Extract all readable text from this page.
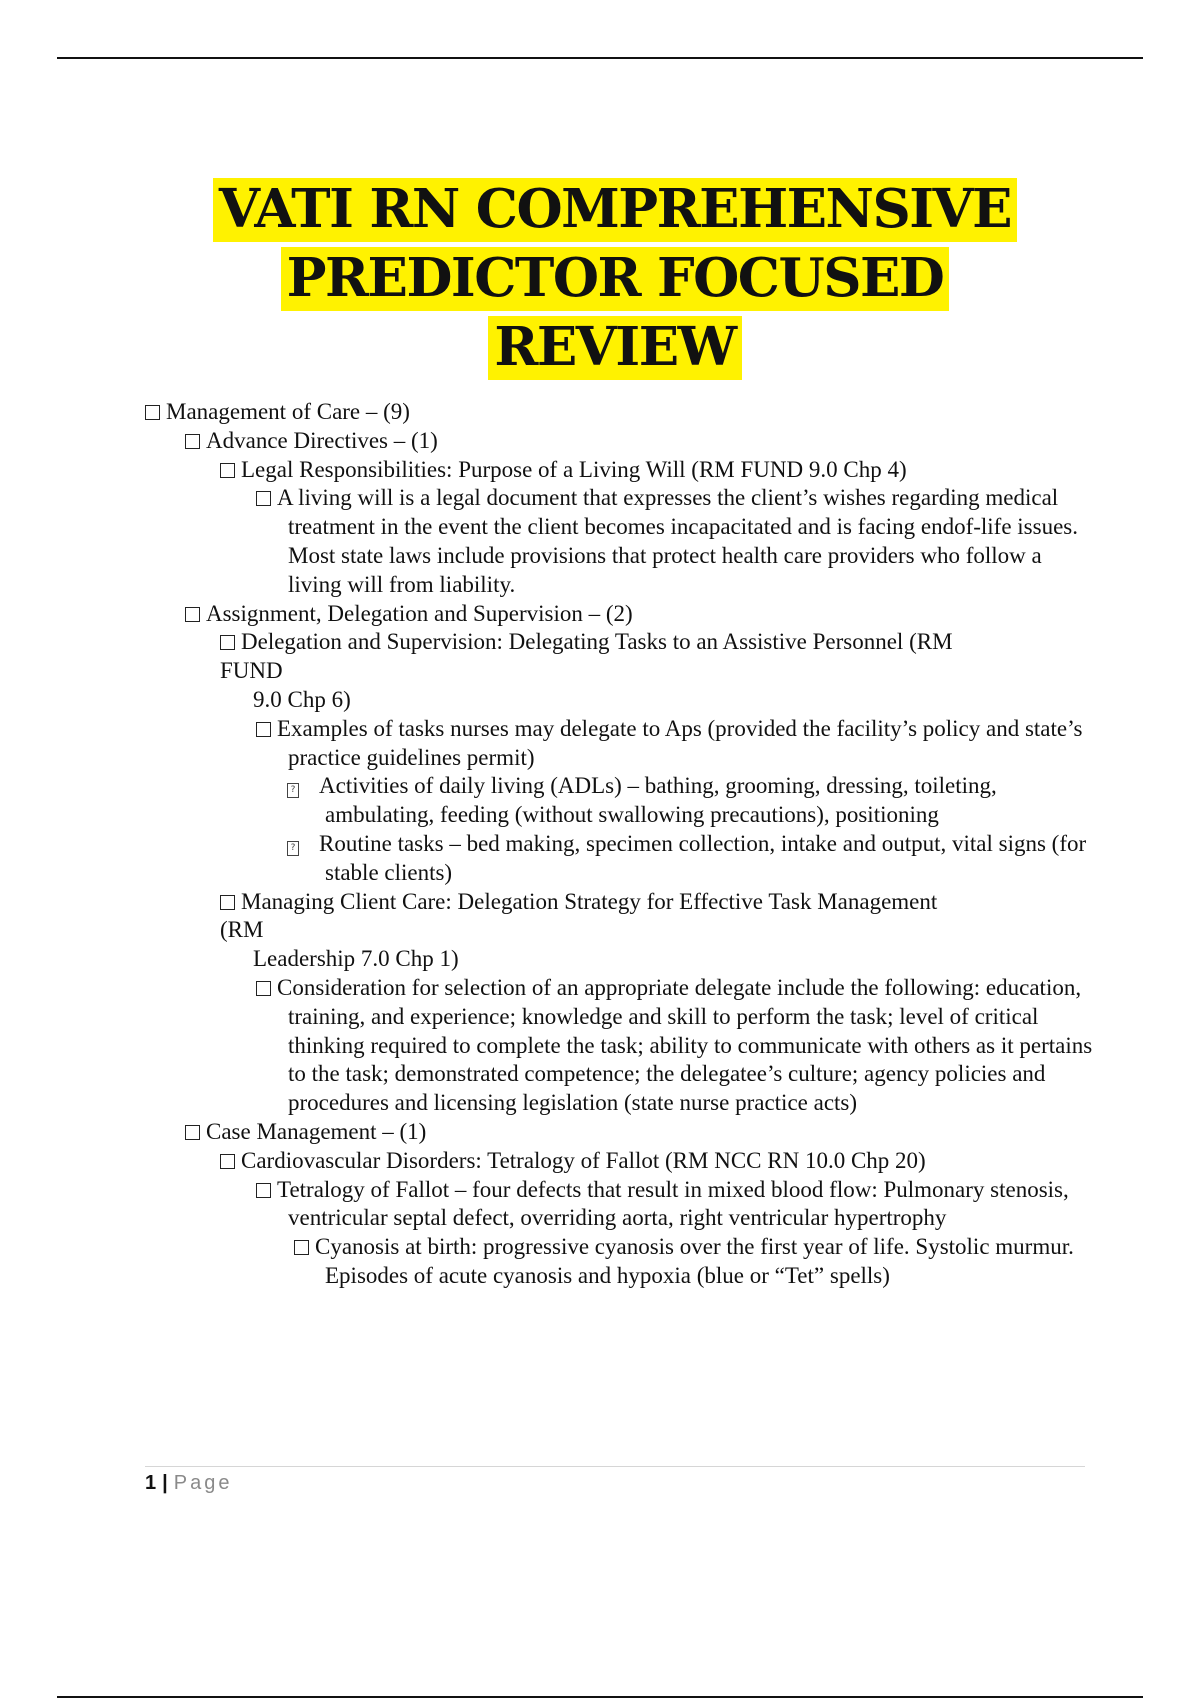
VATI RN COMPREHENSIVE
PREDICTOR FOCUSED
REVIEW
Management of Care – (9)
Advance Directives – (1)
Legal Responsibilities: Purpose of a Living Will (RM FUND 9.0 Chp 4)
A living will is a legal document that expresses the client’s wishes regarding medical treatment in the event the client becomes incapacitated and is facing endof-life issues. Most state laws include provisions that protect health care providers who follow a living will from liability.
Assignment, Delegation and Supervision – (2)
Delegation and Supervision: Delegating Tasks to an Assistive Personnel (RM
FUND
9.0 Chp 6)
Examples of tasks nurses may delegate to Aps (provided the facility’s policy and state’s practice guidelines permit)
? Activities of daily living (ADLs) – bathing, grooming, dressing, toileting, ambulating, feeding (without swallowing precautions), positioning
? Routine tasks – bed making, specimen collection, intake and output, vital signs (for stable clients)
Managing Client Care: Delegation Strategy for Effective Task Management
(RM
Leadership 7.0 Chp 1)
Consideration for selection of an appropriate delegate include the following: education, training, and experience; knowledge and skill to perform the task; level of critical thinking required to complete the task; ability to communicate with others as it pertains to the task; demonstrated competence; the delegatee’s culture; agency policies and procedures and licensing legislation (state nurse practice acts)
Case Management – (1)
Cardiovascular Disorders: Tetralogy of Fallot (RM NCC RN 10.0 Chp 20)
Tetralogy of Fallot – four defects that result in mixed blood flow: Pulmonary stenosis, ventricular septal defect, overriding aorta, right ventricular hypertrophy
Cyanosis at birth: progressive cyanosis over the first year of life. Systolic murmur. Episodes of acute cyanosis and hypoxia (blue or “Tet” spells)
1 | Page
